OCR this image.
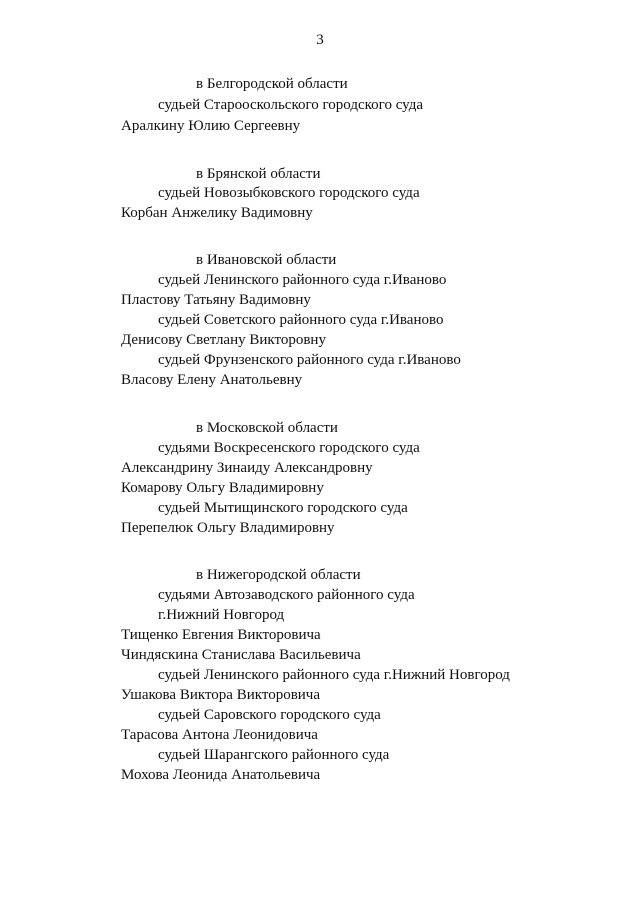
3
в Белгородской области
судьей Старооскольского городского суда
Аралкину Юлию Сергеевну
в Брянской области
судьей Новозыбковского городского суда
Корбан Анжелику Вадимовну
в Ивановской области
судьей Ленинского районного суда г.Иваново
Пластову Татьяну Вадимовну
судьей Советского районного суда г.Иваново
Денисову Светлану Викторовну
судьей Фрунзенского районного суда г.Иваново
Власову Елену Анатольевну
в Московской области
судьями Воскресенского городского суда
Александрину Зинаиду Александровну
Комарову Ольгу Владимировну
судьей Мытищинского городского суда
Перепелюк Ольгу Владимировну
в Нижегородской области
судьями Автозаводского районного суда
г.Нижний Новгород
Тищенко Евгения Викторовича
Чиндяскина Станислава Васильевича
судьей Ленинского районного суда г.Нижний Новгород
Ушакова Виктора Викторовича
судьей Саровского городского суда
Тарасова Антона Леонидовича
судьей Шарангского районного суда
Мохова Леонида Анатольевича
